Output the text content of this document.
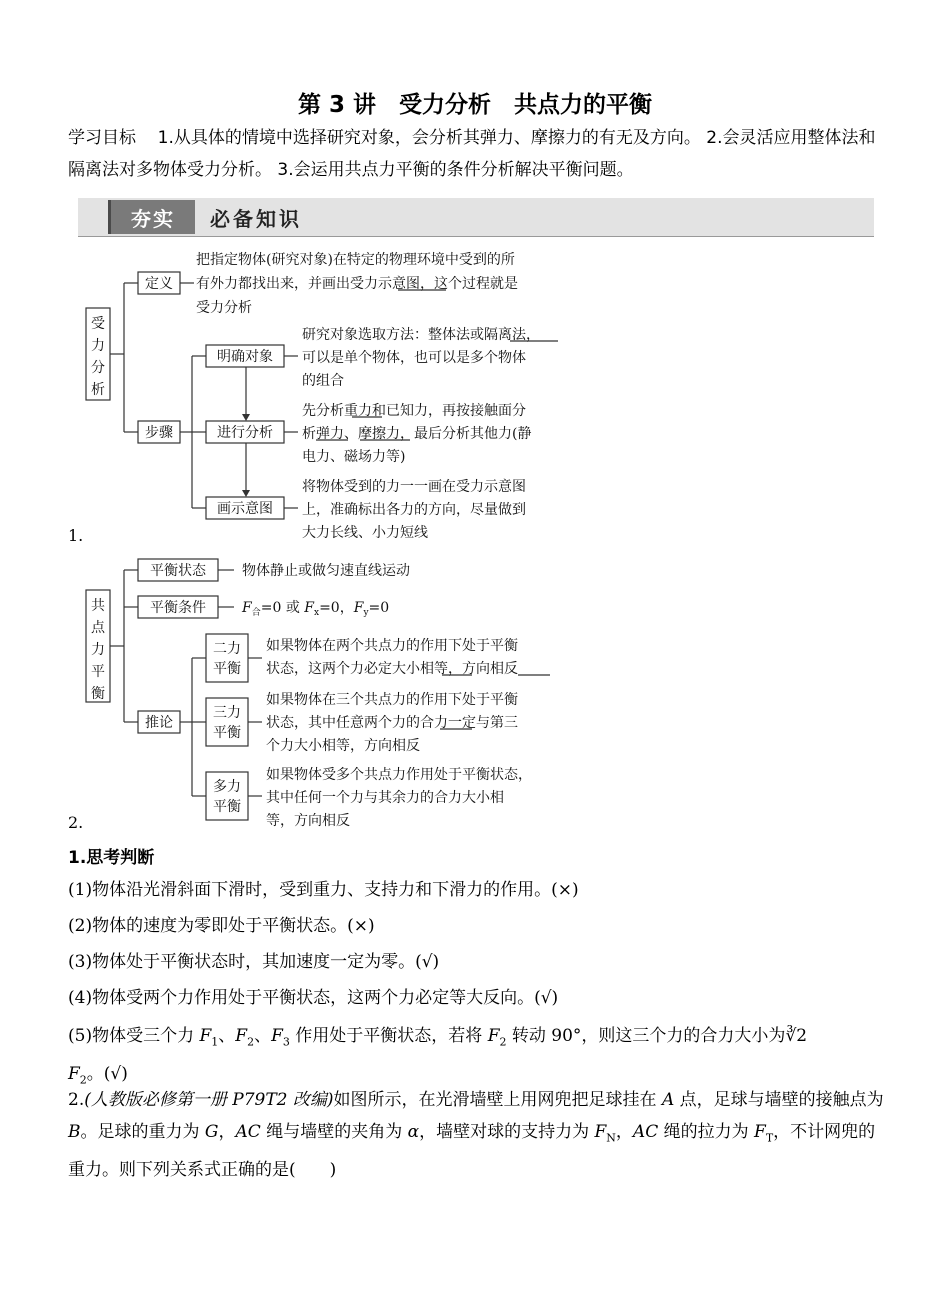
第 3 讲　受力分析　共点力的平衡
学习目标 1.从具体的情境中选择研究对象，会分析其弹力、摩擦力的有无及方向。 2.会灵活应用整体法和隔离法对多物体受力分析。 3.会运用共点力平衡的条件分析解决平衡问题。
夯实	必备知识
受
力
分
析
定义
步骤
明确对象
进行分析
画示意图
把指定物体(研究对象)在特定的物理环境中受到的所
有外力都找出来，并画出受力示意图，这个过程就是
受力分析
研究对象选取方法：整体法或隔离法，
可以是单个物体，也可以是多个物体
的组合
先分析重力和已知力，再按接触面分
析弹力、摩擦力，最后分析其他力(静
电力、磁场力等)
将物体受到的力一一画在受力示意图
上，准确标出各力的方向，尽量做到
大力长线、小力短线
共
点
力
平
衡
平衡状态
平衡条件
推论
物体静止或做匀速直线运动
$F_合=0$ 或 $F_x=0$，$F_y=0$
二力
平衡
三力
平衡
多力
平衡
如果物体在两个共点力的作用下处于平衡
状态，这两个力必定大小相等，方向相反
如果物体在三个共点力的作用下处于平衡
状态，其中任意两个力的合力一定与第三
个力大小相等，方向相反
如果物体受多个共点力作用处于平衡状态，
其中任何一个力与其余力的合力大小相
等，方向相反
1.
2.
1.思考判断
(1)物体沿光滑斜面下滑时，受到重力、支持力和下滑力的作用。(×)
(2)物体的速度为零即处于平衡状态。(×)
(3)物体处于平衡状态时，其加速度一定为零。(√)
(4)物体受两个力作用处于平衡状态，这两个力必定等大反向。(√)
(5)物体受三个力 $F_1$、$F_2$、$F_3$ 作用处于平衡状态，若将 $F_2$ 转动 90°，则这三个力的合力大小为∛2
$F_2$。(√)
2.(人教版必修第一册 P79T2 改编)如图所示，在光滑墙壁上用网兜把足球挂在 A 点，足球与墙壁的接触点为 B。足球的重力为 G，AC 绳与墙壁的夹角为 α，墙壁对球的支持力为 $F_N$，AC 绳的拉力为 $F_T$，不计网兜的重力。则下列关系式正确的是(　　)
